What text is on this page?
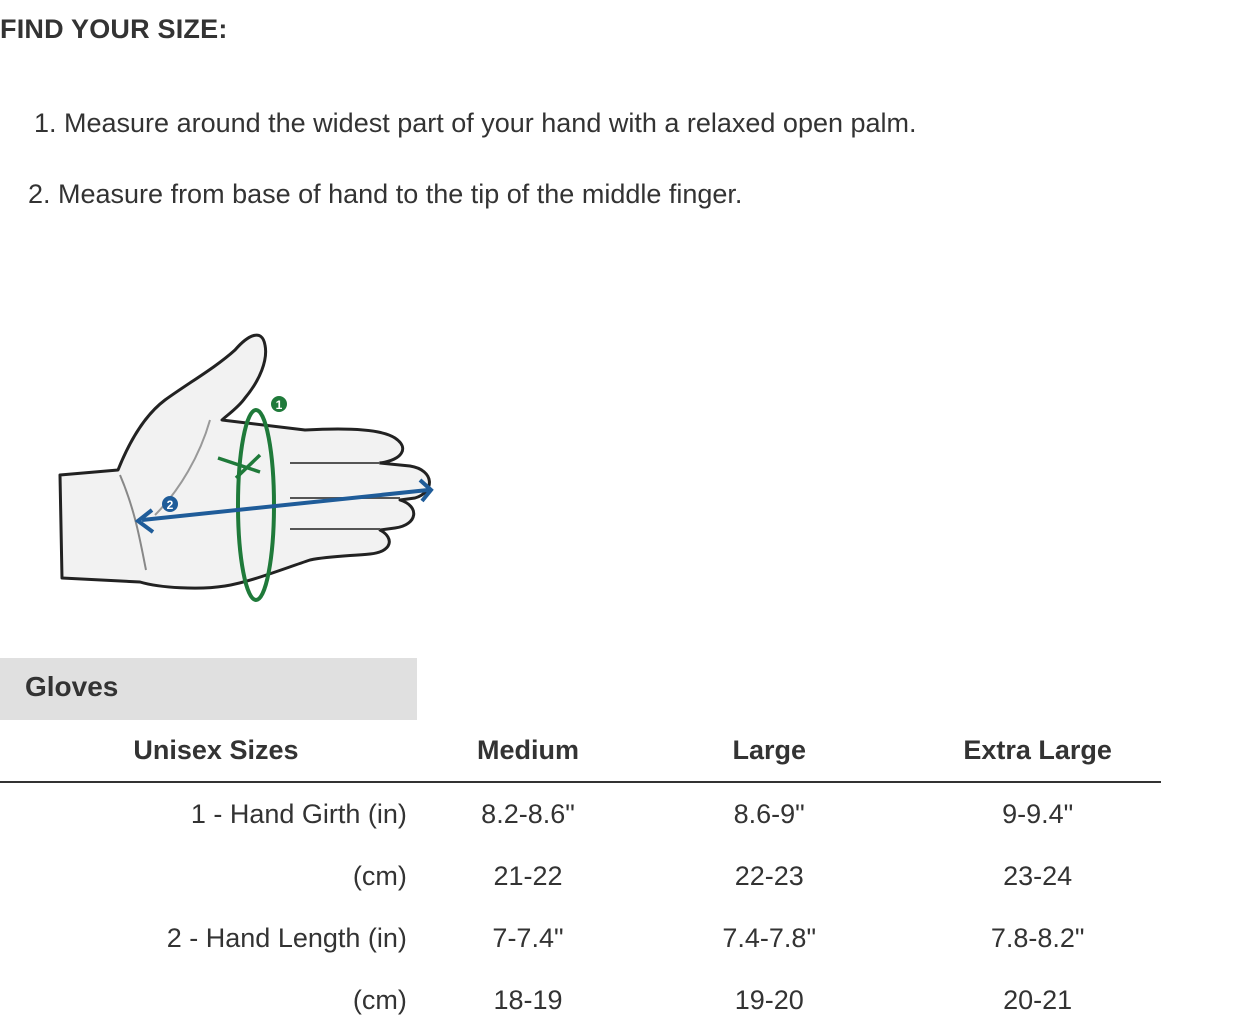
FIND YOUR SIZE:
1. Measure around the widest part of your hand with a relaxed open palm.
2. Measure from base of hand to the tip of the middle finger.
1
2
Gloves
Unisex Sizes	Medium	Large	Extra Large
1 - Hand Girth (in)	8.2-8.6"	8.6-9"	9-9.4"
(cm)	21-22	22-23	23-24
2 - Hand Length (in)	7-7.4"	7.4-7.8"	7.8-8.2"
(cm)	18-19	19-20	20-21
